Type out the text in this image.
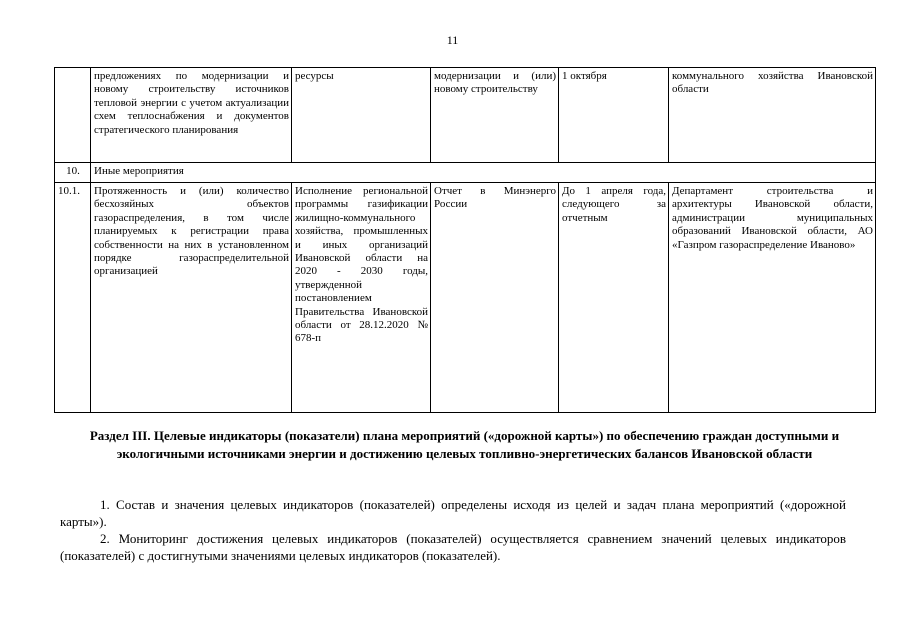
11
	предложениях по модернизации и новому строительству источников тепловой энергии с учетом актуализации схем теплоснабжения и документов стратегического планирования	ресурсы	модернизации и (или) новому строительству	1 октября	коммунального хозяйства Ивановской области
10.	Иные мероприятия				
10.1.	Протяженность и (или) количество бесхозяйных объектов газораспределения, в том числе планируемых к регистрации права собственности на них в установленном порядке газораспределительной организацией	Исполнение региональной программы газификации жилищно-коммунального хозяйства, промышленных и иных организаций Ивановской области на 2020 - 2030 годы, утвержденной постановлением Правительства Ивановской области от 28.12.2020 № 678-п	Отчет в Минэнерго России	До 1 апреля года, следующего за отчетным	Департамент строительства и архитектуры Ивановской области, администрации муниципальных образований Ивановской области, АО «Газпром газораспределение Иваново»
Раздел III. Целевые индикаторы (показатели) плана мероприятий («дорожной карты») по обеспечению граждан доступными и экологичными источниками энергии и достижению целевых топливно-энергетических балансов Ивановской области

1. Состав и значения целевых индикаторов (показателей) определены исходя из целей и задач плана мероприятий («дорожной карты»).

2. Мониторинг достижения целевых индикаторов (показателей) осуществляется сравнением значений целевых индикаторов (показателей) с достигнутыми значениями целевых индикаторов (показателей).
